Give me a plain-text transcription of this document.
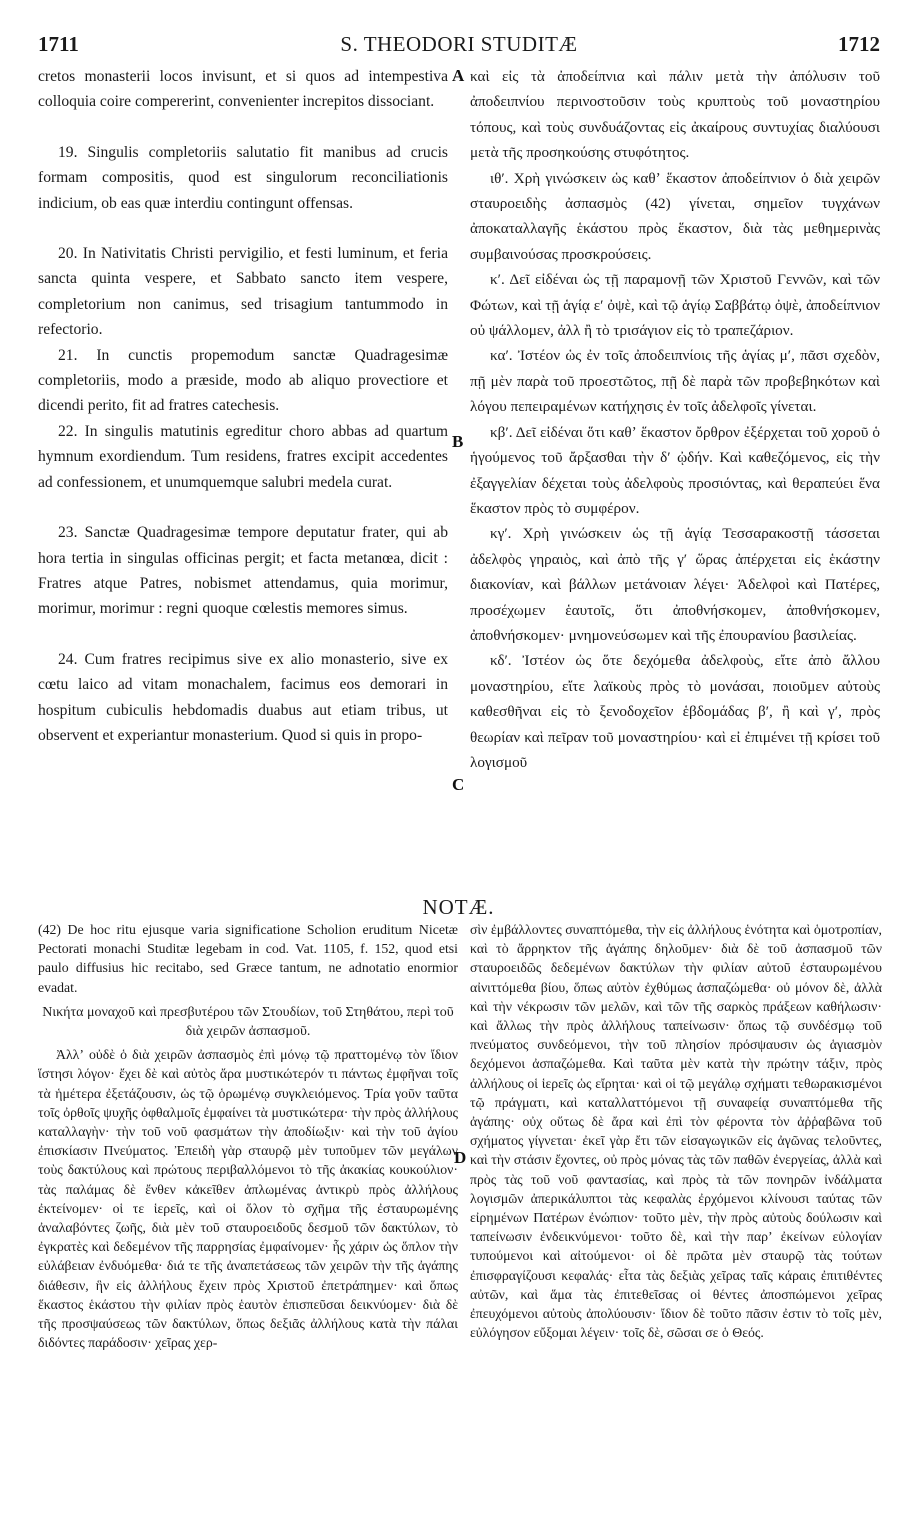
1711	S. THEODORI STUDITÆ	1712

cretos monasterii locos invisunt, et si quos ad intempestiva colloquia coire compererint, convenienter increpitos dissociant.

19. Singulis completoriis salutatio fit manibus ad crucis formam compositis, quod est singulorum reconciliationis indicium, ob eas quæ interdiu contingunt offensas.

20. In Nativitatis Christi pervigilio, et festi luminum, et feria sancta quinta vespere, et Sabbato sancto item vespere, completorium non canimus, sed trisagium tantummodo in refectorio.

21. In cunctis propemodum sanctæ Quadragesimæ completoriis, modo a præside, modo ab aliquo provectiore et dicendi perito, fit ad fratres catechesis.

22. In singulis matutinis egreditur choro abbas ad quartum hymnum exordiendum. Tum residens, fratres excipit accedentes ad confessionem, et unumquemque salubri medela curat.

23. Sanctæ Quadragesimæ tempore deputatur frater, qui ab hora tertia in singulas officinas pergit; et facta metanœa, dicit : Fratres atque Patres, nobismet attendamus, quia morimur, morimur, morimur : regni quoque cœlestis memores simus.

24. Cum fratres recipimus sive ex alio monasterio, sive ex cœtu laico ad vitam monachalem, facimus eos demorari in hospitum cubiculis hebdomadis duabus aut etiam tribus, ut observent et experiantur monasterium. Quod si quis in propo-

καὶ εἰς τὰ ἀποδείπνια καὶ πάλιν μετὰ τὴν ἀπόλυσιν τοῦ ἀποδειπνίου περινοστοῦσιν τοὺς κρυπτοὺς τοῦ μοναστηρίου τόπους, καὶ τοὺς συνδυάζοντας εἰς ἀκαίρους συντυχίας διαλύουσι μετὰ τῆς προσηκούσης στυφότητος.

ιθʹ. Χρὴ γινώσκειν ὡς καθʼ ἕκαστον ἀποδείπνιον ὁ διὰ χειρῶν σταυροειδὴς ἀσπασμὸς (42) γίνεται, σημεῖον τυγχάνων ἀποκαταλλαγῆς ἑκάστου πρὸς ἕκαστον, διὰ τὰς μεθημερινὰς συμβαινούσας προσκρούσεις.

κʹ. Δεῖ εἰδέναι ὡς τῇ παραμονῇ τῶν Χριστοῦ Γεννῶν, καὶ τῶν Φώτων, καὶ τῇ ἁγίᾳ εʹ ὀψὲ, καὶ τῷ ἁγίῳ Σαββάτῳ ὀψὲ, ἀποδείπνιον οὐ ψάλλομεν, ἀλλ ἢ τὸ τρισάγιον εἰς τὸ τραπεζάριον.

καʹ. Ἰστέον ὡς ἐν τοῖς ἀποδειπνίοις τῆς ἁγίας μʹ, πᾶσι σχεδὸν, πῇ μὲν παρὰ τοῦ προεστῶτος, πῇ δὲ παρὰ τῶν προβεβηκότων καὶ λόγου πεπειραμένων κατήχησις ἐν τοῖς ἀδελφοῖς γίνεται.

κβʹ. Δεῖ εἰδέναι ὅτι καθʼ ἕκαστον ὄρθρον ἐξέρχεται τοῦ χοροῦ ὁ ἡγούμενος τοῦ ἄρξασθαι τὴν δʹ ᾠδήν. Καὶ καθεζόμενος, εἰς τὴν ἐξαγγελίαν δέχεται τοὺς ἀδελφοὺς προσιόντας, καὶ θεραπεύει ἕνα ἕκαστον πρὸς τὸ συμφέρον.

κγʹ. Χρὴ γινώσκειν ὡς τῇ ἁγίᾳ Τεσσαρακοστῇ τάσσεται ἀδελφὸς γηραιὸς, καὶ ἀπὸ τῆς γʹ ὥρας ἀπέρχεται εἰς ἑκάστην διακονίαν, καὶ βάλλων μετάνοιαν λέγει· Ἀδελφοὶ καὶ Πατέρες, προσέχωμεν ἑαυτοῖς, ὅτι ἀποθνήσκομεν, ἀποθνήσκομεν, ἀποθνήσκομεν· μνημονεύσωμεν καὶ τῆς ἐπουρανίου βασιλείας.

κδʹ. Ἰστέον ὡς ὅτε δεχόμεθα ἀδελφοὺς, εἴτε ἀπὸ ἄλλου μοναστηρίου, εἴτε λαϊκοὺς πρὸς τὸ μονάσαι, ποιοῦμεν αὐτοὺς καθεσθῆναι εἰς τὸ ξενοδοχεῖον ἑβδομάδας βʹ, ἢ καὶ γʹ, πρὸς θεωρίαν καὶ πεῖραν τοῦ μοναστηρίου· καὶ εἰ ἐπιμένει τῇ κρίσει τοῦ λογισμοῦ

A
B
C
D
NOTÆ.

(42) De hoc ritu ejusque varia significatione Scholion eruditum Nicetæ Pectorati monachi Studitæ legebam in cod. Vat. 1105, f. 152, quod etsi paulo diffusius hic recitabo, sed Græce tantum, ne adnotatio enormior evadat.

Νικήτα μοναχοῦ καὶ πρεσβυτέρου τῶν Στουδίων, τοῦ Στηθάτου, περὶ τοῦ διὰ χειρῶν ἀσπασμοῦ.

Ἀλλʼ οὐδὲ ὁ διὰ χειρῶν ἀσπασμὸς ἐπὶ μόνῳ τῷ πραττομένῳ τὸν ἴδιον ἵστησι λόγον· ἔχει δὲ καὶ αὐτὸς ἄρα μυστικώτερόν τι πάντως ἐμφῆναι τοῖς τὰ ἡμέτερα ἐξετάζουσιν, ὡς τῷ ὁρωμένῳ συγκλειόμενος. Τρία γοῦν ταῦτα τοῖς ὀρθοῖς ψυχῆς ὀφθαλμοῖς ἐμφαίνει τὰ μυστικώτερα· τὴν πρὸς ἀλλήλους καταλλαγὴν· τὴν τοῦ νοῦ φασμάτων τὴν ἀποδίωξιν· καὶ τὴν τοῦ ἁγίου ἐπισκίασιν Πνεύματος. Ἐπειδὴ γὰρ σταυρῷ μὲν τυποῦμεν τῶν μεγάλων τοὺς δακτύλους καὶ πρώτους περιβαλλόμενοι τὸ τῆς ἀκακίας κουκούλιον· τὰς παλάμας δὲ ἔνθεν κἀκεῖθεν ἁπλωμένας ἀντικρὺ πρὸς ἀλλήλους ἐκτείνομεν· οἱ τε ἱερεῖς, καὶ οἱ ὅλον τὸ σχῆμα τῆς ἐσταυρωμένης ἀναλαβόντες ζωῆς, διὰ μὲν τοῦ σταυροειδοῦς δεσμοῦ τῶν δακτύλων, τὸ ἐγκρατὲς καὶ δεδεμένον τῆς παρρησίας ἐμφαίνομεν· ἧς χάριν ὡς ὅπλον τὴν εὐλάβειαν ἐνδυόμεθα· διά τε τῆς ἀναπετάσεως τῶν χειρῶν τὴν τῆς ἀγάπης διάθεσιν, ἣν εἰς ἀλλήλους ἔχειν πρὸς Χριστοῦ ἐπετράπημεν· καὶ ὅπως ἕκαστος ἑκάστου τὴν φιλίαν πρὸς ἑαυτὸν ἐπισπεῦσαι δεικνύομεν· διὰ δὲ τῆς προσψαύσεως τῶν δακτύλων, ὅπως δεξιᾶς ἀλλήλους κατὰ τὴν πάλαι διδόντες παράδοσιν· χεῖρας χερ-

σὶν ἐμβάλλοντες συναπτόμεθα, τὴν εἰς ἀλλήλους ἑνότητα καὶ ὁμοτροπίαν, καὶ τὸ ἄρρηκτον τῆς ἀγάπης δηλοῦμεν· διὰ δὲ τοῦ ἀσπασμοῦ τῶν σταυροειδῶς δεδεμένων δακτύλων τὴν φιλίαν αὐτοῦ ἐσταυρωμένου αἰνιττόμεθα βίου, ὅπως αὐτὸν ἐχθύμως ἀσπαζώμεθα· οὐ μόνον δὲ, ἀλλὰ καὶ τὴν νέκρωσιν τῶν μελῶν, καὶ τῶν τῆς σαρκὸς πράξεων καθήλωσιν· καὶ ἄλλως τὴν πρὸς ἀλλήλους ταπείνωσιν· ὅπως τῷ συνδέσμῳ τοῦ πνεύματος συνδεόμενοι, τὴν τοῦ πλησίον πρόσψαυσιν ὡς ἁγιασμὸν δεχόμενοι ἀσπαζώμεθα. Καὶ ταῦτα μὲν κατὰ τὴν πρώτην τάξιν, πρὸς ἀλλήλους οἱ ἱερεῖς ὡς εἴρηται· καὶ οἱ τῷ μεγάλῳ σχήματι τεθωρακισμένοι τῷ πράγματι, καὶ καταλλαττόμενοι τῇ συναφείᾳ συναπτόμεθα τῆς ἀγάπης· οὐχ οὕτως δὲ ἄρα καὶ ἐπὶ τὸν φέροντα τὸν ἀῤῥαβῶνα τοῦ σχήματος γίγνεται· ἐκεῖ γὰρ ἔτι τῶν εἰσαγωγικῶν εἰς ἀγῶνας τελοῦντες, καὶ τὴν στάσιν ἔχοντες, οὐ πρὸς μόνας τὰς τῶν παθῶν ἐνεργείας, ἀλλὰ καὶ πρὸς τὰς τοῦ νοῦ φαντασίας, καὶ πρὸς τὰ τῶν πονηρῶν ἰνδάλματα λογισμῶν ἀπερικάλυπτοι τὰς κεφαλὰς ἐρχόμενοι κλίνουσι ταύτας τῶν εἰρημένων Πατέρων ἐνώπιον· τοῦτο μὲν, τὴν πρὸς αὐτοὺς δούλωσιν καὶ ταπείνωσιν ἐνδεικνύμενοι· τοῦτο δὲ, καὶ τὴν παρʼ ἐκείνων εὐλογίαν τυπούμενοι καὶ αἰτούμενοι· οἱ δὲ πρῶτα μὲν σταυρῷ τὰς τούτων ἐπισφραγίζουσι κεφαλάς· εἶτα τὰς δεξιὰς χεῖρας ταῖς κάραις ἐπιτιθέντες αὐτῶν, καὶ ἅμα τὰς ἐπιτεθεῖσας οἱ θέντες ἀποσπώμενοι χεῖρας ἐπευχόμενοι αὐτοὺς ἀπολύουσιν· ἴδιον δὲ τοῦτο πᾶσιν ἐστιν τὸ τοῖς μὲν, εὐλόγησον εὔξομαι λέγειν· τοῖς δὲ, σῶσαι σε ὁ Θεός.
